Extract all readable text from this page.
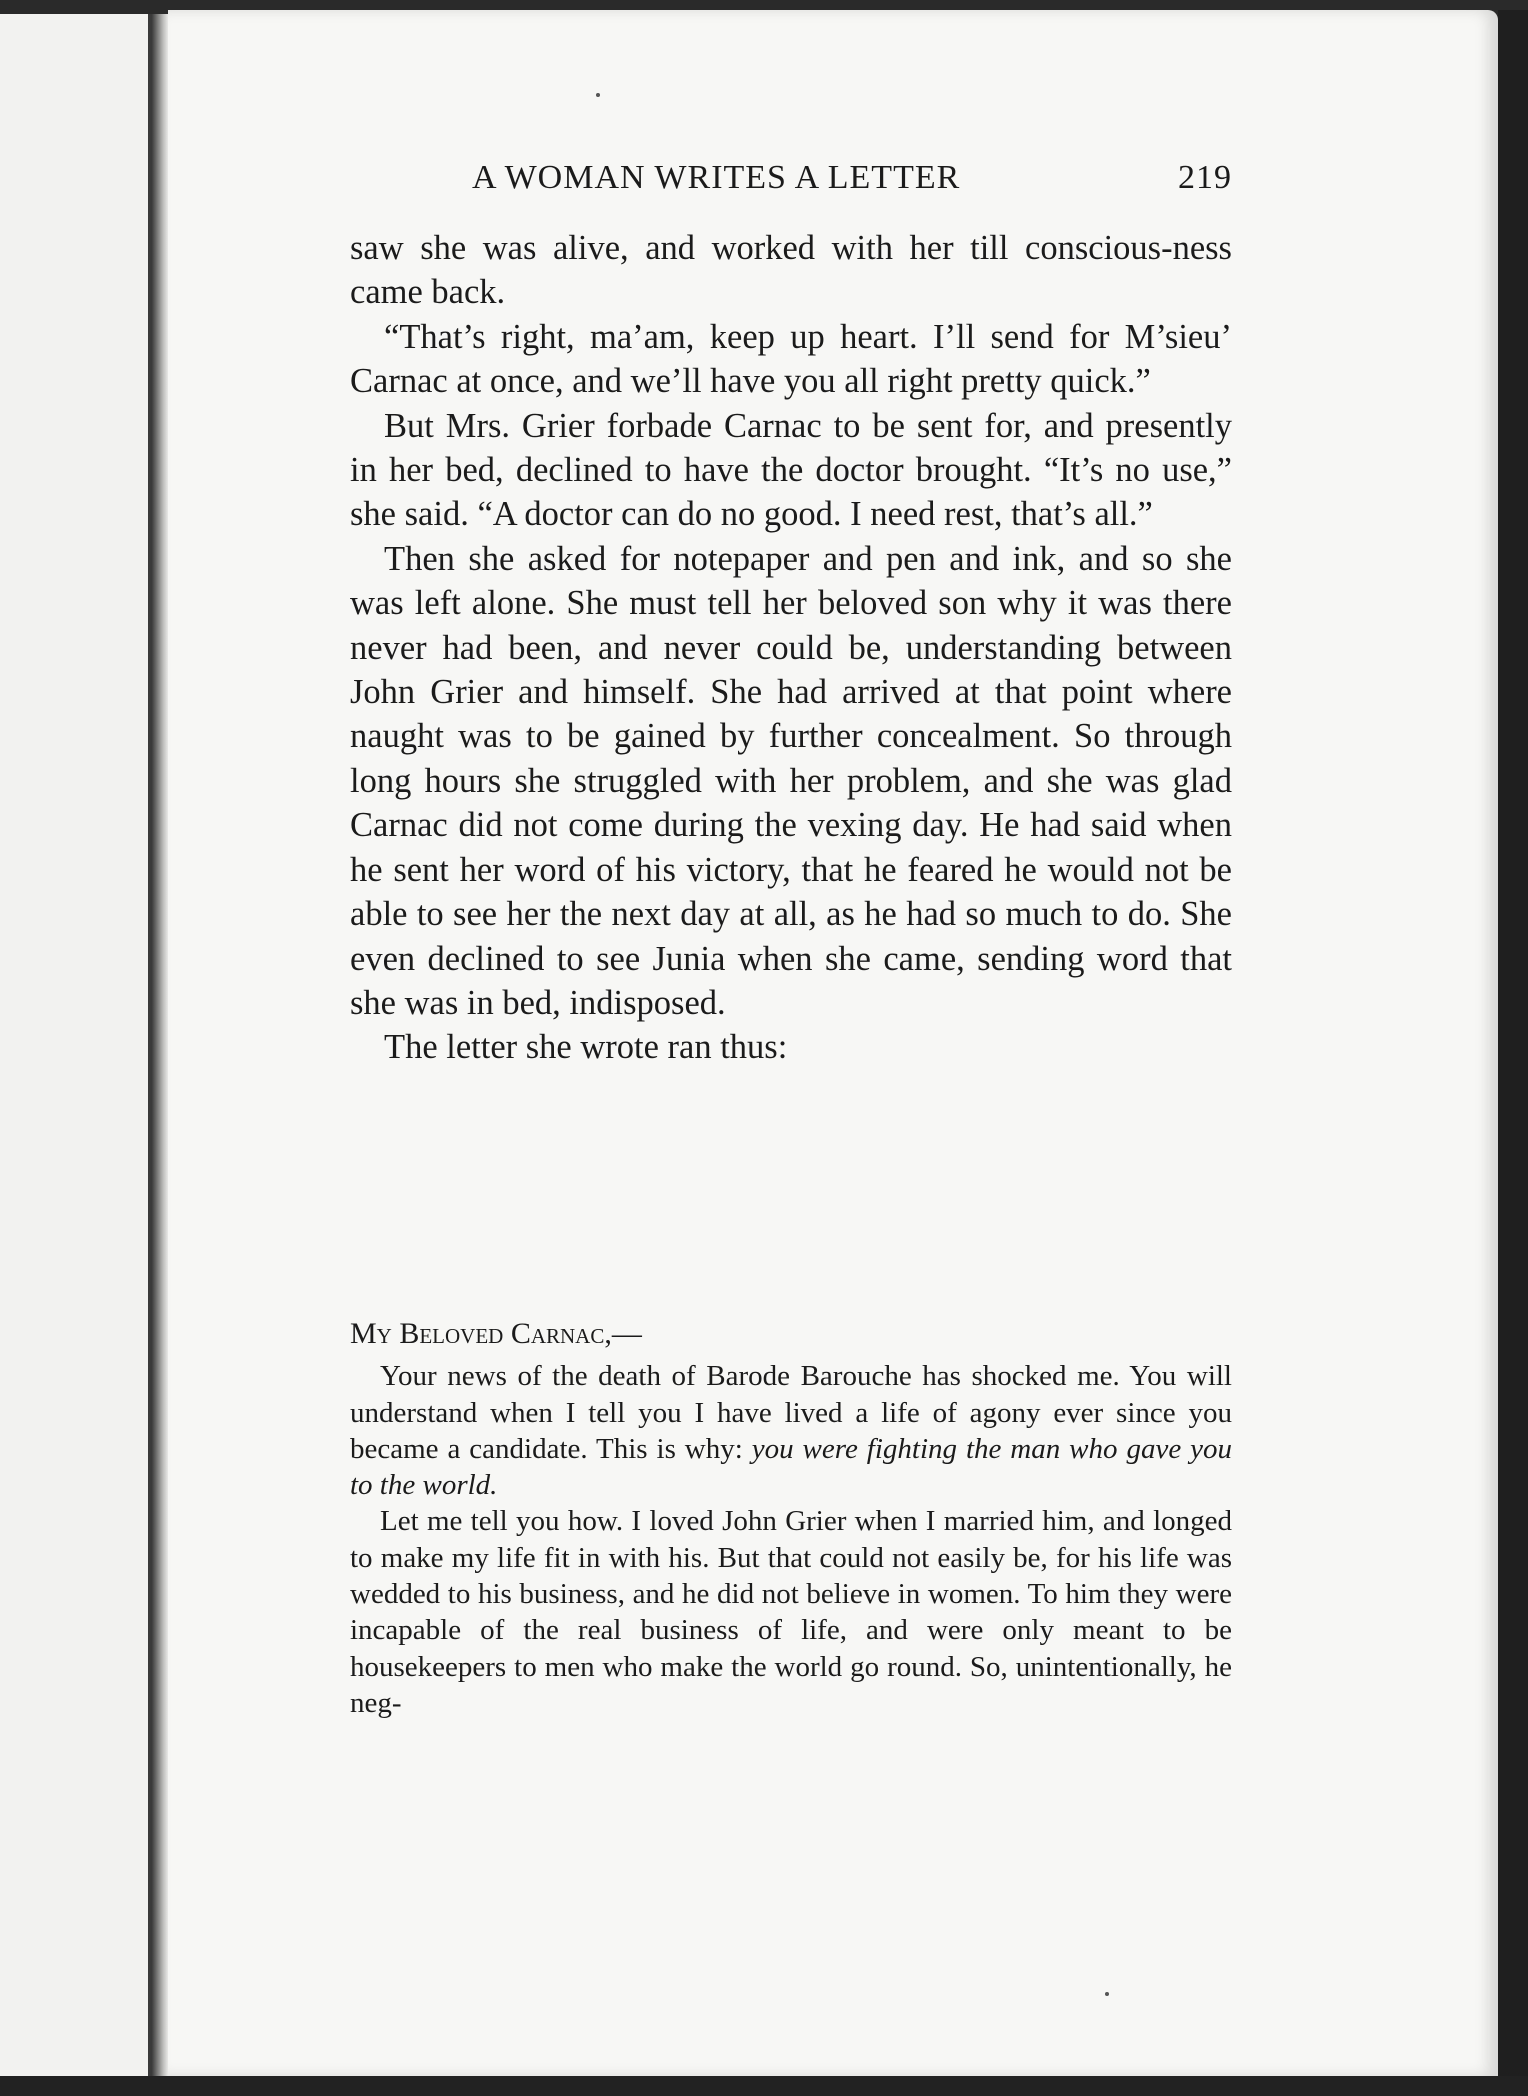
A WOMAN WRITES A LETTER	219

saw she was alive, and worked with her till conscious-ness came back.

“That’s right, ma’am, keep up heart. I’ll send for M’sieu’ Carnac at once, and we’ll have you all right pretty quick.”

But Mrs. Grier forbade Carnac to be sent for, and presently in her bed, declined to have the doctor brought. “It’s no use,” she said. “A doctor can do no good. I need rest, that’s all.”

Then she asked for notepaper and pen and ink, and so she was left alone. She must tell her beloved son why it was there never had been, and never could be, understanding between John Grier and himself. She had arrived at that point where naught was to be gained by further concealment. So through long hours she struggled with her problem, and she was glad Carnac did not come during the vexing day. He had said when he sent her word of his victory, that he feared he would not be able to see her the next day at all, as he had so much to do. She even declined to see Junia when she came, sending word that she was in bed, indisposed.

The letter she wrote ran thus:

My Beloved Carnac,—

Your news of the death of Barode Barouche has shocked me. You will understand when I tell you I have lived a life of agony ever since you became a candidate. This is why: you were fighting the man who gave you to the world.

Let me tell you how. I loved John Grier when I married him, and longed to make my life fit in with his. But that could not easily be, for his life was wedded to his business, and he did not believe in women. To him they were incapable of the real business of life, and were only meant to be housekeepers to men who make the world go round. So, unintentionally, he neg-
